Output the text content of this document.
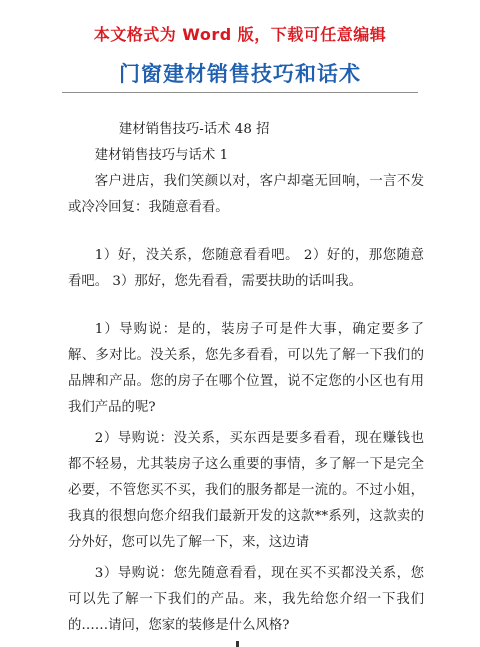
本文格式为 Word 版，下载可任意编辑
门窗建材销售技巧和话术

建材销售技巧-话术 48 招

建材销售技巧与话术 1

客户进店，我们笑颜以对，客户却毫无回响，一言不发或冷冷回复：我随意看看。

1）好，没关系，您随意看看吧。 2）好的，那您随意看吧。 3）那好，您先看看，需要扶助的话叫我。

1）导购说：是的，装房子可是件大事，确定要多了解、多对比。没关系，您先多看看，可以先了解一下我们的品牌和产品。您的房子在哪个位置，说不定您的小区也有用我们产品的呢?

2）导购说：没关系，买东西是要多看看，现在赚钱也都不轻易，尤其装房子这么重要的事情，多了解一下是完全必要，不管您买不买，我们的服务都是一流的。不过小姐，我真的很想向您介绍我们最新开发的这款**系列，这款卖的分外好，您可以先了解一下，来，这边请

3）导购说：您先随意看看，现在买不买都没关系，您可以先了解一下我们的产品。来，我先给您介绍一下我们的……请问，您家的装修是什么风格?
